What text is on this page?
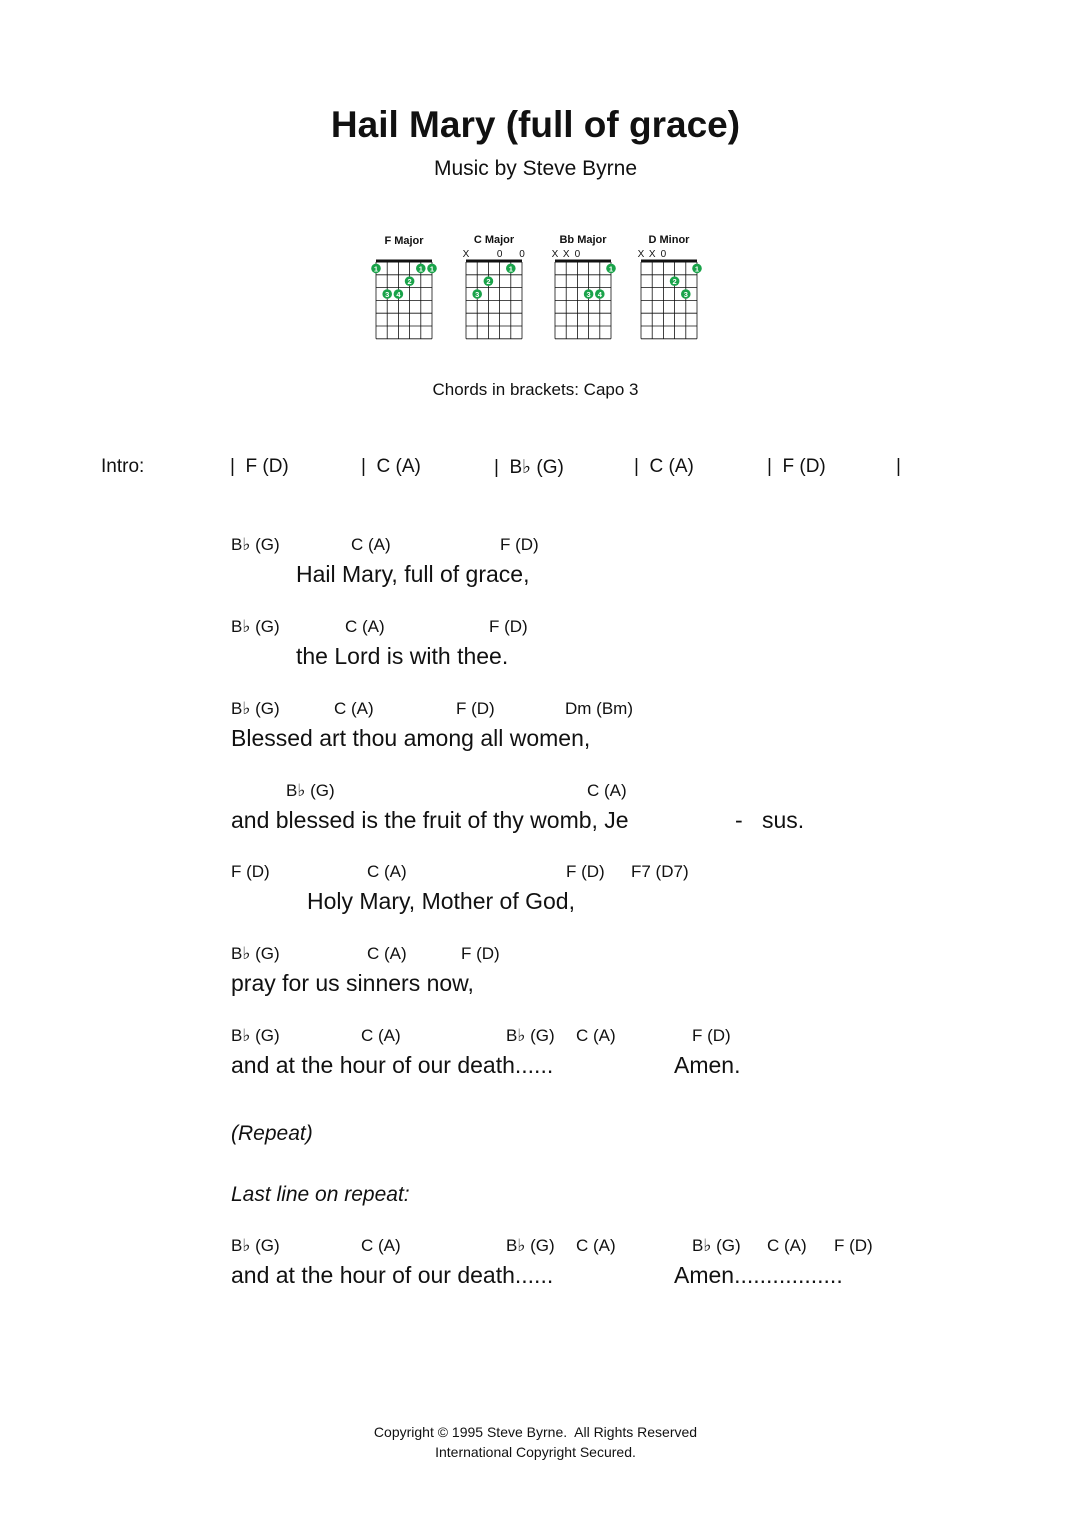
Hail Mary (full of grace)
Music by Steve Byrne
F Major	C Major	Bb Major	D Minor
1	1 1
2
3 4
X	0 0
1
2
3
X X 0
1
3 4
X X 0
1
2
3
Chords in brackets: Capo 3
Intro:	|  F (D)	|  C (A)	|  B♭ (G)	|  C (A)	|  F (D)	|
B♭ (G)	C (A)	F (D)
Hail Mary, full of grace,
B♭ (G)	C (A)	F (D)
the Lord is with thee.
B♭ (G)	C (A)	F (D)	Dm (Bm)
Blessed art thou among all women,
B♭ (G)	C (A)
and blessed is the fruit of thy womb, Je	- sus.
F (D)	C (A)	F (D) F7 (D7)
Holy Mary, Mother of God,
B♭ (G)	C (A)	F (D)
pray for us sinners now,
B♭ (G)	C (A)	B♭ (G) C (A)	F (D)
and at the hour of our death......	Amen.
(Repeat)
Last line on repeat:
B♭ (G)	C (A)	B♭ (G) C (A)	B♭ (G) C (A) F (D)
and at the hour of our death......	Amen.................
Copyright © 1995 Steve Byrne.  All Rights Reserved
International Copyright Secured.
